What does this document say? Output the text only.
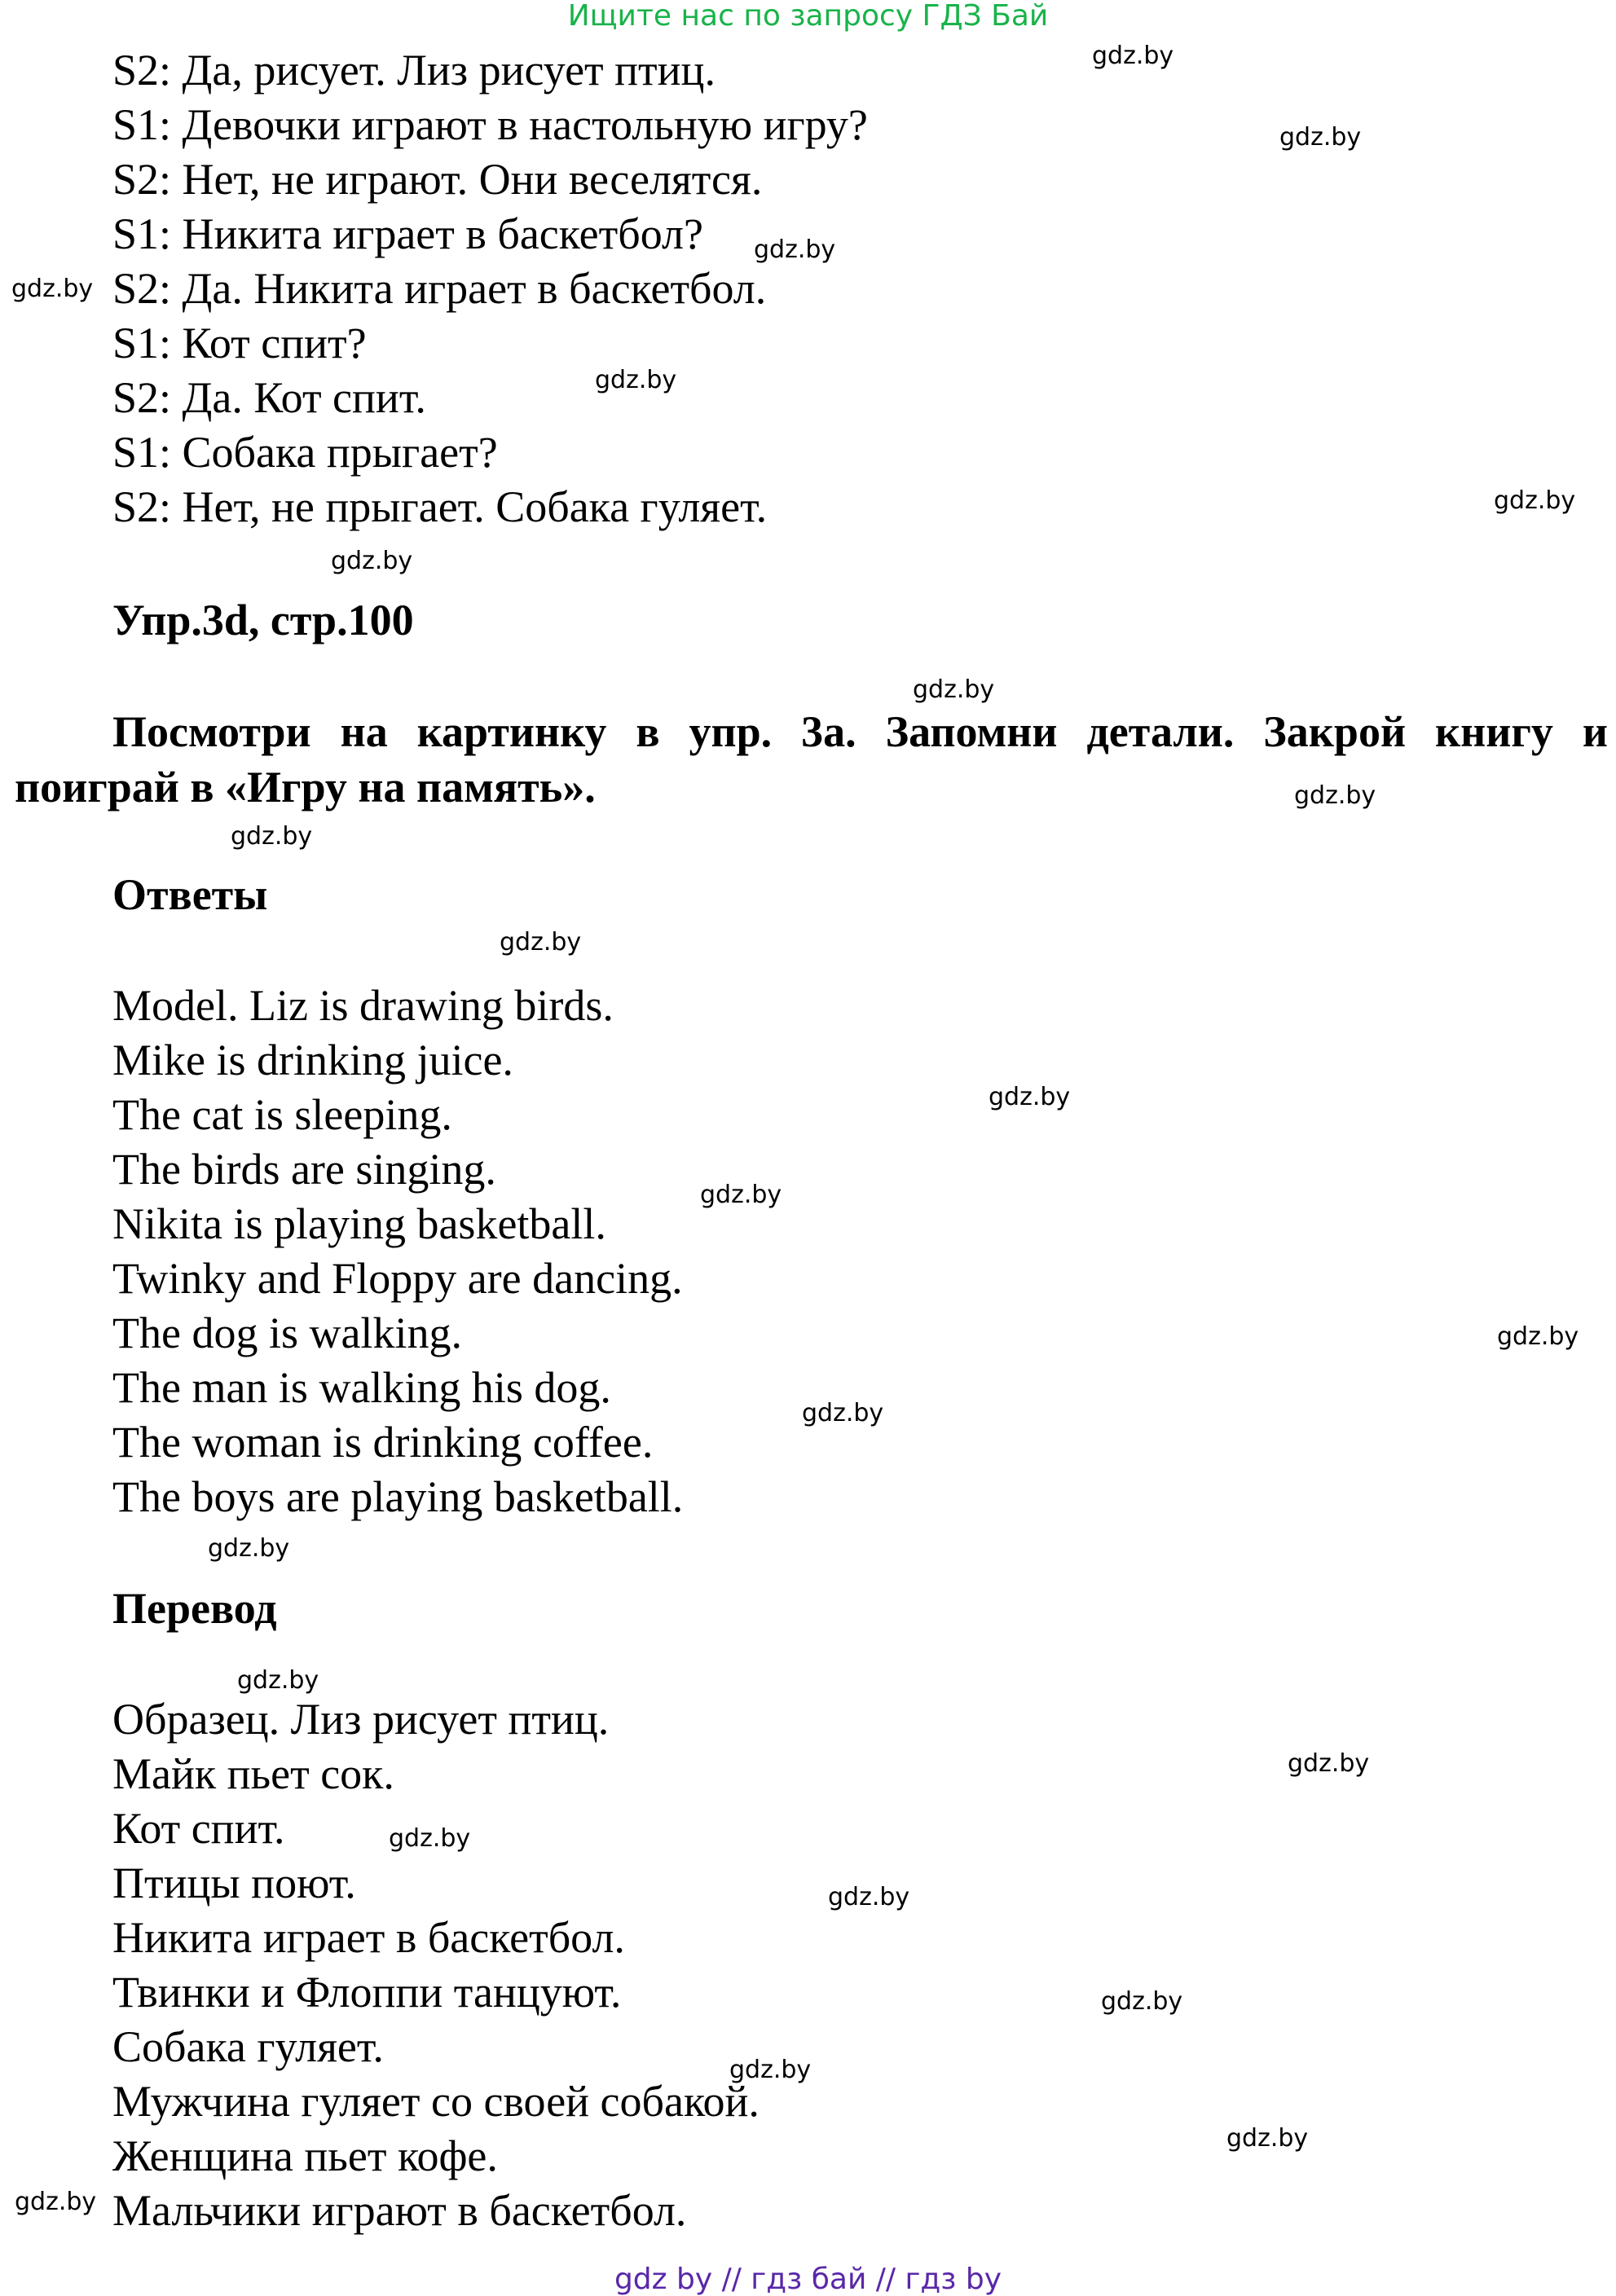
Ищите нас по запросу ГДЗ Бай
S2: Да, рисует. Лиз рисует птиц.
S1: Девочки играют в настольную игру?
S2: Нет, не играют. Они веселятся.
S1: Никита играет в баскетбол?
S2: Да. Никита играет в баскетбол.
S1: Кот спит?
S2: Да. Кот спит.
S1: Собака прыгает?
S2: Нет, не прыгает. Собака гуляет.
Упр.3d, стр.100
Посмотри на картинку в упр. 3а. Запомни детали. Закрой книгу и
поиграй в «Игру на память».
Ответы
Model. Liz is drawing birds.
Mike is drinking juice.
The cat is sleeping.
The birds are singing.
Nikita is playing basketball.
Twinky and Floppy are dancing.
The dog is walking.
The man is walking his dog.
The woman is drinking coffee.
The boys are playing basketball.
Перевод
Образец. Лиз рисует птиц.
Майк пьет сок.
Кот спит.
Птицы поют.
Никита играет в баскетбол.
Твинки и Флоппи танцуют.
Собака гуляет.
Мужчина гуляет со своей собакой.
Женщина пьет кофе.
Мальчики играют в баскетбол.
gdz.by
gdz.by
gdz.by
gdz.by
gdz.by
gdz.by
gdz.by
gdz.by
gdz.by
gdz.by
gdz.by
gdz.by
gdz.by
gdz.by
gdz.by
gdz.by
gdz.by
gdz.by
gdz.by
gdz.by
gdz.by
gdz.by
gdz.by
gdz.by
gdz by // гдз бай // гдз by
